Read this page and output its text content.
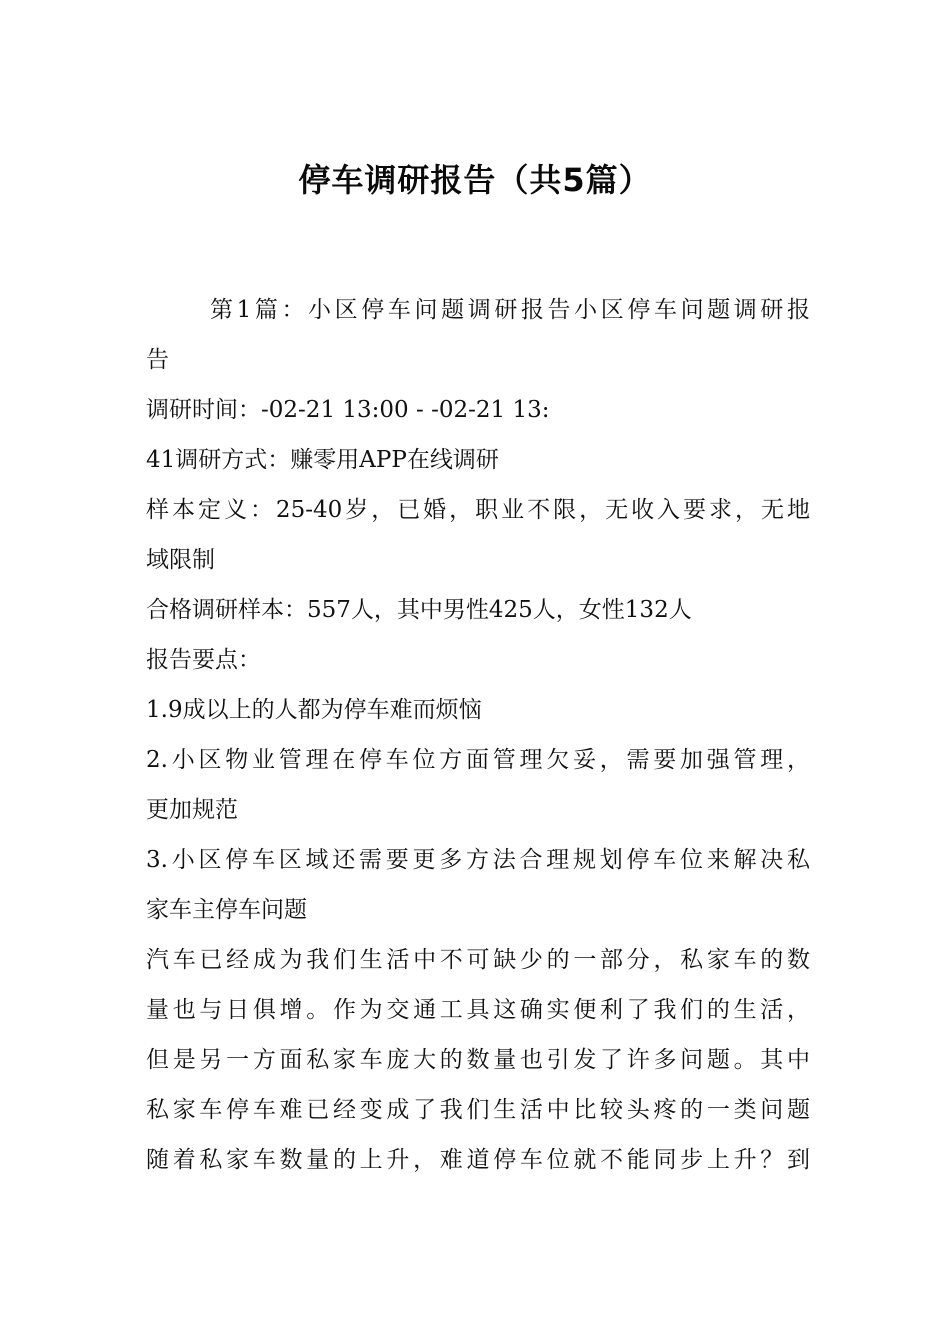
停车调研报告（共5篇）
第1篇：小区停车问题调研报告小区停车问题调研报
告
调研时间：-02-21 13:00 - -02-21 13:
41调研方式：赚零用APP在线调研
样本定义：25-40岁，已婚，职业不限，无收入要求，无地
域限制
合格调研样本：557人，其中男性425人，女性132人
报告要点：
1.9成以上的人都为停车难而烦恼
2.小区物业管理在停车位方面管理欠妥，需要加强管理，
更加规范
3.小区停车区域还需要更多方法合理规划停车位来解决私
家车主停车问题
汽车已经成为我们生活中不可缺少的一部分，私家车的数
量也与日俱增。作为交通工具这确实便利了我们的生活，
但是另一方面私家车庞大的数量也引发了许多问题。其中
私家车停车难已经变成了我们生活中比较头疼的一类问题
随着私家车数量的上升，难道停车位就不能同步上升？到
